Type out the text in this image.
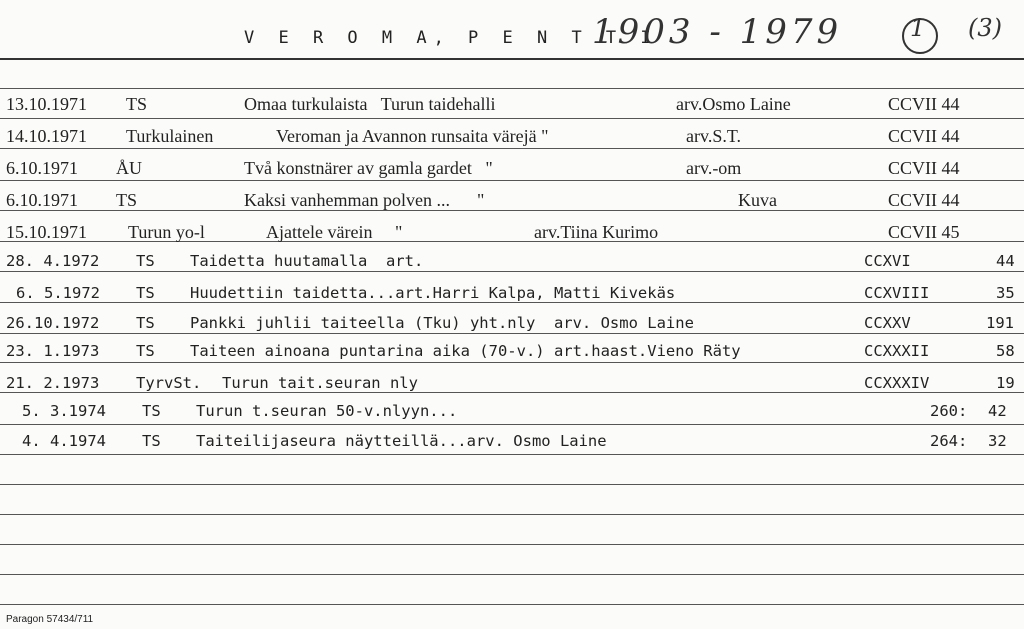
V E R O M A, P E N T T I
1903 - 1979	1 (3)
13.10.1971 TS	Omaa turkulaista   Turun taidehalli	arv.Osmo Laine	CCVII 44
14.10.1971 Turkulainen	Veroman ja Avannon runsaita värejä "	arv.S.T.	CCVII 44
6.10.1971 ÅU	Två konstnärer av gamla gardet   "	arv.-om	CCVII 44
6.10.1971 TS	Kaksi vanhemman polven ...      "	Kuva	CCVII 44
15.10.1971 Turun yo-l	Ajattele värein     "	arv.Tiina Kurimo	CCVII 45
28. 4.1972 TS Taidetta huutamalla  art.	CCXVI	44
6. 5.1972 TS Huudettiin taidetta...art.Harri Kalpa, Matti Kivekäs	CCXVIII	35
26.10.1972 TS Pankki juhlii taiteella (Tku) yht.nly  arv. Osmo Laine	CCXXV	191
23. 1.1973 TS Taiteen ainoana puntarina aika (70-v.) art.haast.Vieno Räty	CCXXXII	58
21. 2.1973 TyrvSt. Turun tait.seuran nly	CCXXXIV	19
5. 3.1974 TS Turun t.seuran 50-v.nlyyn...	260: 42
4. 4.1974 TS Taiteilijaseura näytteillä...arv. Osmo Laine	264: 32
Paragon 57434/711
